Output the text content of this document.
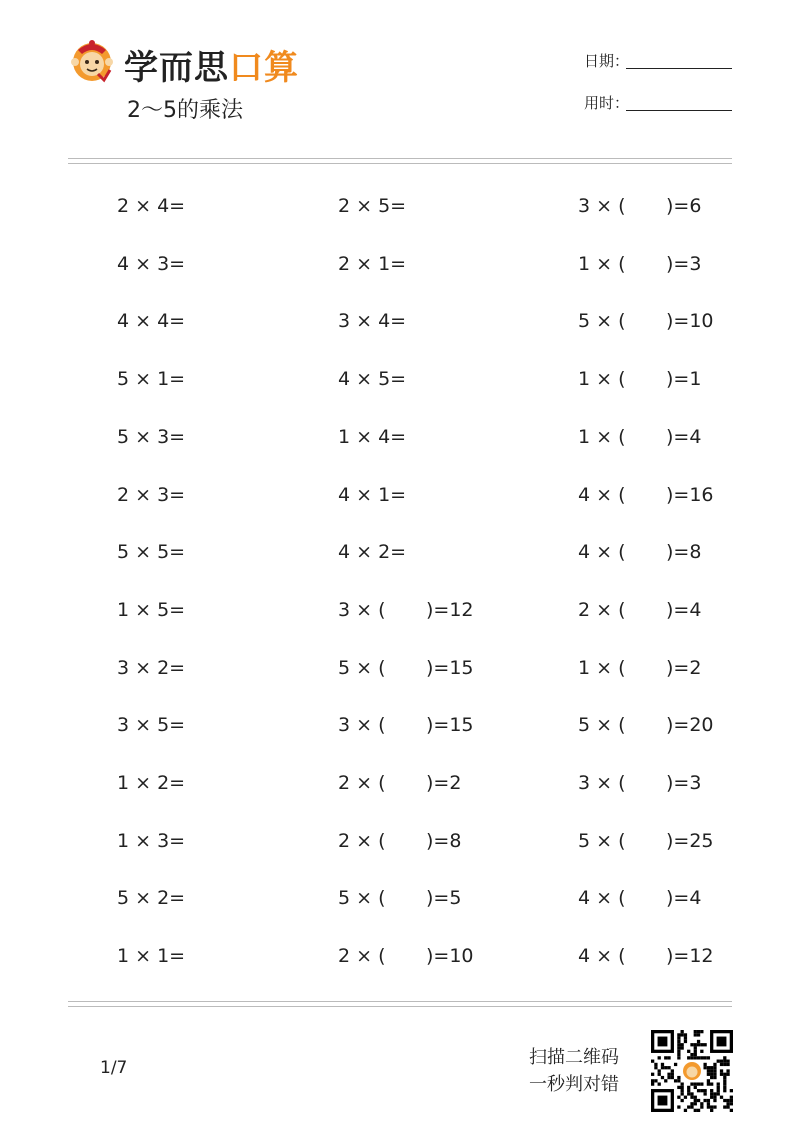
学而思口算
2～5的乘法
日期：
用时：
2 × 4=
4 × 3=
4 × 4=
5 × 1=
5 × 3=
2 × 3=
5 × 5=
1 × 5=
3 × 2=
3 × 5=
1 × 2=
1 × 3=
5 × 2=
1 × 1=
2 × 5=
2 × 1=
3 × 4=
4 × 5=
1 × 4=
4 × 1=
4 × 2=
3 × ( )=12
5 × ( )=15
3 × ( )=15
2 × ( )=2
2 × ( )=8
5 × ( )=5
2 × ( )=10
3 × ( )=6
1 × ( )=3
5 × ( )=10
1 × ( )=1
1 × ( )=4
4 × ( )=16
4 × ( )=8
2 × ( )=4
1 × ( )=2
5 × ( )=20
3 × ( )=3
5 × ( )=25
4 × ( )=4
4 × ( )=12
1/7	扫描二维码
一秒判对错
